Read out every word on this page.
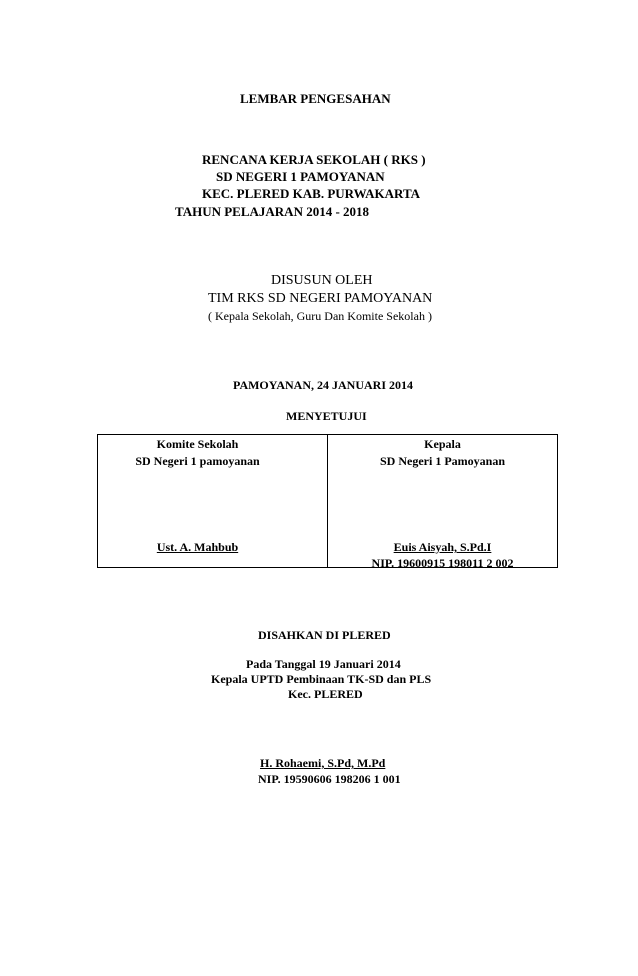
LEMBAR PENGESAHAN
RENCANA KERJA SEKOLAH ( RKS )
SD NEGERI 1 PAMOYANAN
KEC. PLERED KAB. PURWAKARTA
TAHUN PELAJARAN 2014 - 2018
DISUSUN OLEH
TIM RKS SD NEGERI PAMOYANAN
( Kepala Sekolah, Guru Dan Komite Sekolah )
PAMOYANAN, 24 JANUARI 2014
MENYETUJUI
Komite Sekolah
SD Negeri 1 pamoyanan
Ust. A. Mahbub

Kepala
SD Negeri 1 Pamoyanan
Euis Aisyah, S.Pd.I
NIP. 19600915 198011 2 002
DISAHKAN DI PLERED
Pada Tanggal 19 Januari 2014
Kepala UPTD Pembinaan TK-SD dan PLS
Kec. PLERED
H. Rohaemi, S.Pd, M.Pd
NIP. 19590606 198206 1 001
